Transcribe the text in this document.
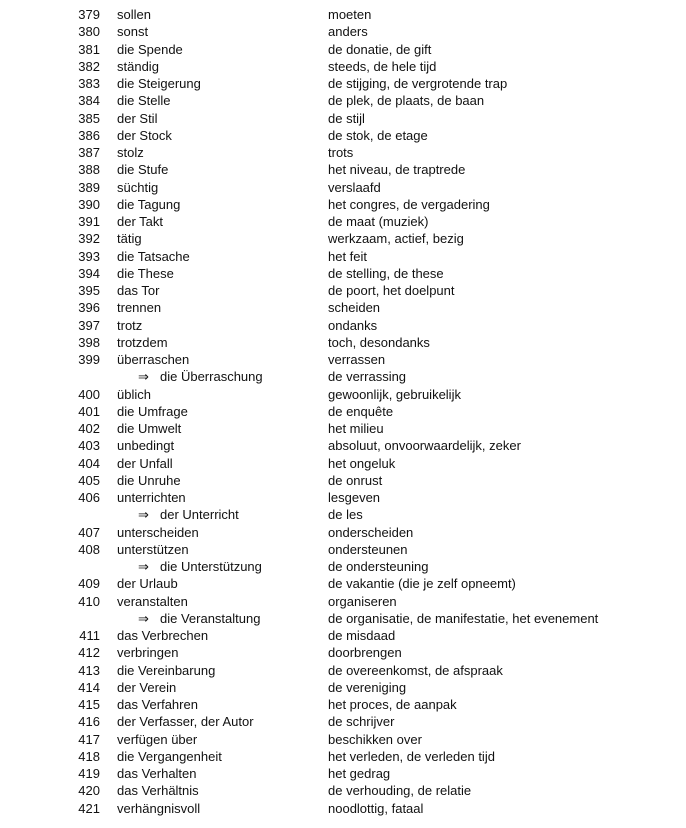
379 sollen	moeten
380 sonst	anders
381 die Spende	de donatie, de gift
382 ständig	steeds, de hele tijd
383 die Steigerung	de stijging, de vergrotende trap
384 die Stelle	de plek, de plaats, de baan
385 der Stil	de stijl
386 der Stock	de stok, de etage
387 stolz	trots
388 die Stufe	het niveau, de traptrede
389 süchtig	verslaafd
390 die Tagung	het congres, de vergadering
391 der Takt	de maat (muziek)
392 tätig	werkzaam, actief, bezig
393 die Tatsache	het feit
394 die These	de stelling, de these
395 das Tor	de poort, het doelpunt
396 trennen	scheiden
397 trotz	ondanks
398 trotzdem	toch, desondanks
399 überraschen	verrassen
⇒ die Überraschung	de verrassing
400 üblich	gewoonlijk, gebruikelijk
401 die Umfrage	de enquête
402 die Umwelt	het milieu
403 unbedingt	absoluut, onvoorwaardelijk, zeker
404 der Unfall	het ongeluk
405 die Unruhe	de onrust
406 unterrichten	lesgeven
⇒ der Unterricht	de les
407 unterscheiden	onderscheiden
408 unterstützen	ondersteunen
⇒ die Unterstützung	de ondersteuning
409 der Urlaub	de vakantie (die je zelf opneemt)
410 veranstalten	organiseren
⇒ die Veranstaltung	de organisatie, de manifestatie, het evenement
411 das Verbrechen	de misdaad
412 verbringen	doorbrengen
413 die Vereinbarung	de overeenkomst, de afspraak
414 der Verein	de vereniging
415 das Verfahren	het proces, de aanpak
416 der Verfasser, der Autor	de schrijver
417 verfügen über	beschikken over
418 die Vergangenheit	het verleden, de verleden tijd
419 das Verhalten	het gedrag
420 das Verhältnis	de verhouding, de relatie
421 verhängnisvoll	noodlottig, fataal
